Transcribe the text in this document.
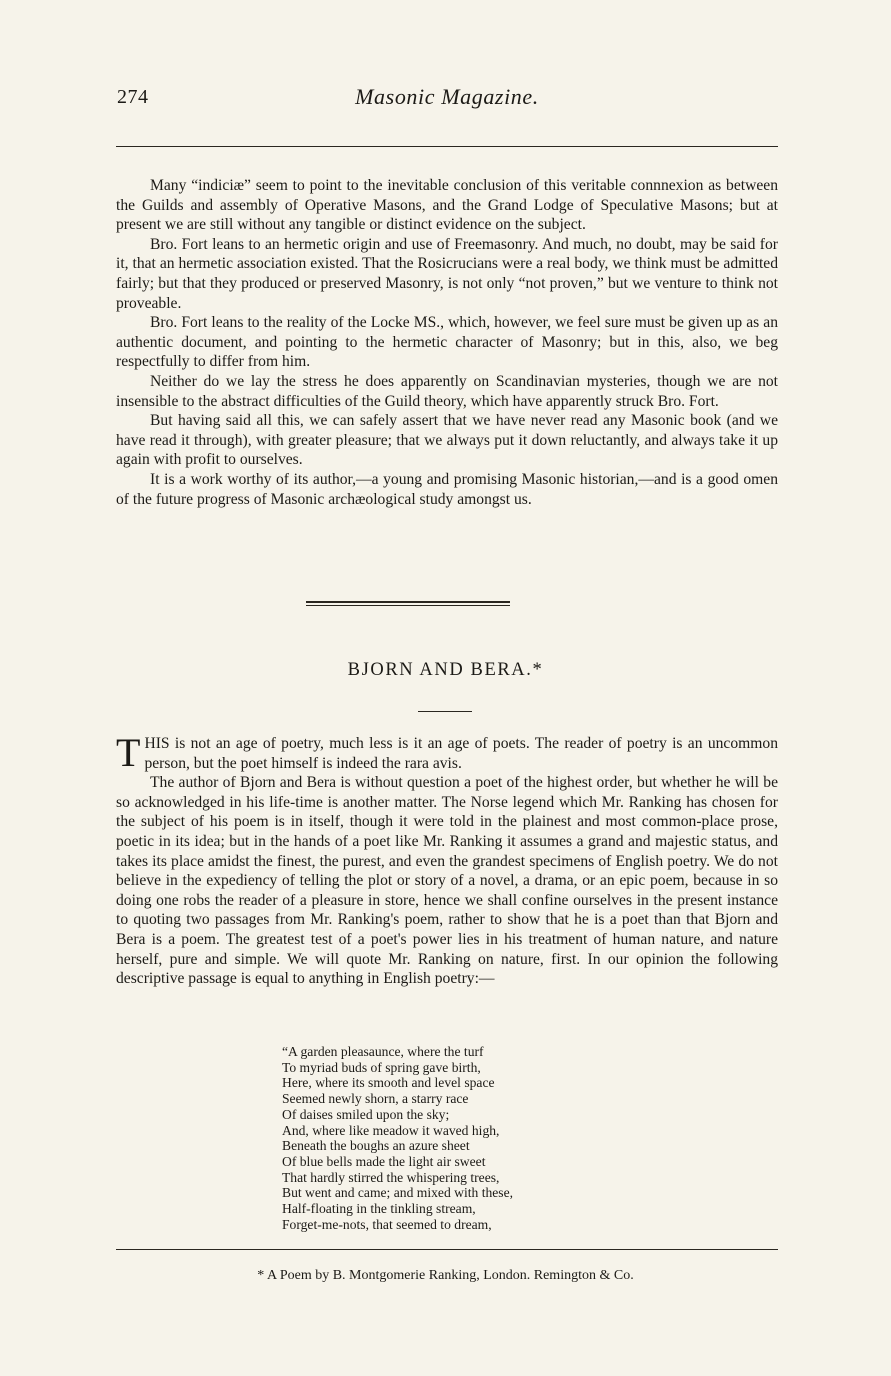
274	Masonic Magazine.

Many “indiciæ” seem to point to the inevitable conclusion of this veritable connnexion as between the Guilds and assembly of Operative Masons, and the Grand Lodge of Speculative Masons; but at present we are still without any tangible or distinct evidence on the subject.

Bro. Fort leans to an hermetic origin and use of Freemasonry. And much, no doubt, may be said for it, that an hermetic association existed. That the Rosicrucians were a real body, we think must be admitted fairly; but that they produced or preserved Masonry, is not only “not proven,” but we venture to think not proveable.

Bro. Fort leans to the reality of the Locke MS., which, however, we feel sure must be given up as an authentic document, and pointing to the hermetic character of Masonry; but in this, also, we beg respectfully to differ from him.

Neither do we lay the stress he does apparently on Scandinavian mysteries, though we are not insensible to the abstract difficulties of the Guild theory, which have apparently struck Bro. Fort.

But having said all this, we can safely assert that we have never read any Masonic book (and we have read it through), with greater pleasure; that we always put it down reluctantly, and always take it up again with profit to ourselves.

It is a work worthy of its author,—a young and promising Masonic historian,—and is a good omen of the future progress of Masonic archæological study amongst us.

BJORN AND BERA.*

THIS is not an age of poetry, much less is it an age of poets. The reader of poetry is an uncommon person, but the poet himself is indeed the rara avis.

The author of Bjorn and Bera is without question a poet of the highest order, but whether he will be so acknowledged in his life-time is another matter. The Norse legend which Mr. Ranking has chosen for the subject of his poem is in itself, though it were told in the plainest and most common-place prose, poetic in its idea; but in the hands of a poet like Mr. Ranking it assumes a grand and majestic status, and takes its place amidst the finest, the purest, and even the grandest specimens of English poetry. We do not believe in the expediency of telling the plot or story of a novel, a drama, or an epic poem, because in so doing one robs the reader of a pleasure in store, hence we shall confine ourselves in the present instance to quoting two passages from Mr. Ranking's poem, rather to show that he is a poet than that Bjorn and Bera is a poem. The greatest test of a poet's power lies in his treatment of human nature, and nature herself, pure and simple. We will quote Mr. Ranking on nature, first. In our opinion the following descriptive passage is equal to anything in English poetry:—

“A garden pleasaunce, where the turf
To myriad buds of spring gave birth,
Here, where its smooth and level space
Seemed newly shorn, a starry race
Of daises smiled upon the sky;
And, where like meadow it waved high,
Beneath the boughs an azure sheet
Of blue bells made the light air sweet
That hardly stirred the whispering trees,
But went and came; and mixed with these,
Half-floating in the tinkling stream,
Forget-me-nots, that seemed to dream,
* A Poem by B. Montgomerie Ranking, London. Remington & Co.
